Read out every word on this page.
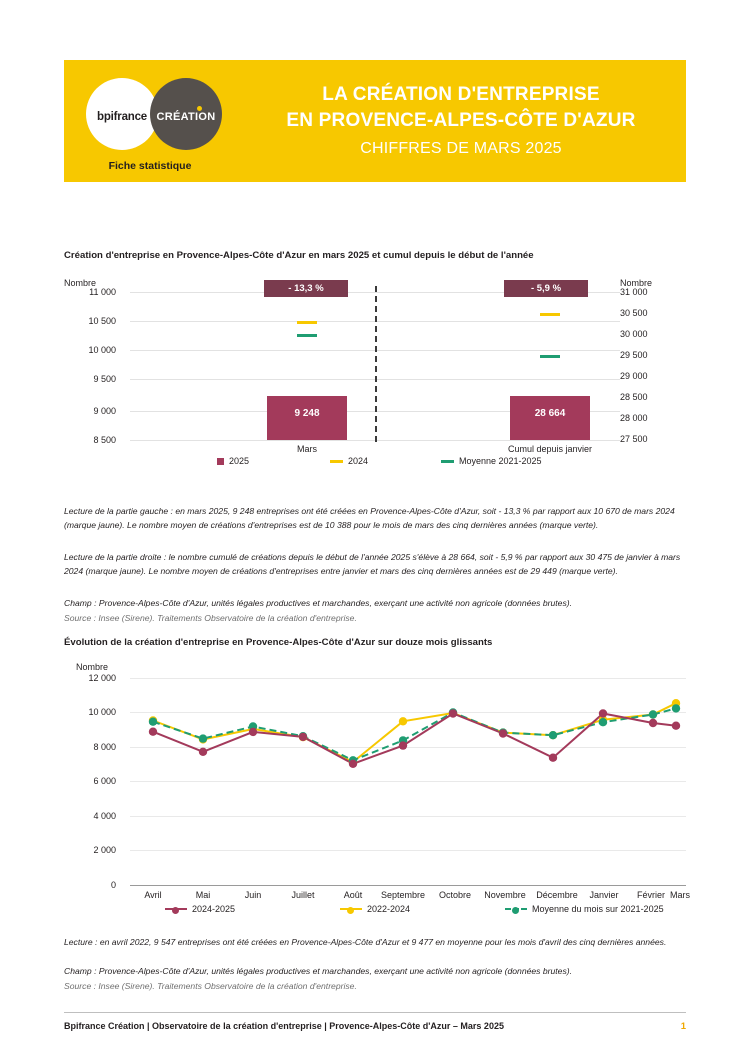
bpifrance CRÉATION
Fiche statistique
LA CRÉATION D'ENTREPRISE
EN PROVENCE-ALPES-CÔTE D'AZUR
CHIFFRES DE MARS 2025
Création d'entreprise en Provence-Alpes-Côte d'Azur en mars 2025 et cumul depuis le début de l'année
Nombre	Nombre
11 000
10 500
10 000
9 500
9 000
8 500
31 000
30 500
30 000
29 500
29 000
28 500
28 000
27 500
- 13,3 %	- 5,9 %
9 248	28 664
Mars	Cumul depuis janvier
2025	2024	Moyenne 2021-2025
Lecture de la partie gauche : en mars 2025, 9 248 entreprises ont été créées en Provence-Alpes-Côte d'Azur, soit - 13,3 % par rapport aux 10 670 de mars 2024 (marque jaune). Le nombre moyen de créations d'entreprises est de 10 388 pour le mois de mars des cinq dernières années (marque verte).
Lecture de la partie droite : le nombre cumulé de créations depuis le début de l'année 2025 s'élève à 28 664, soit - 5,9 % par rapport aux 30 475 de janvier à mars 2024 (marque jaune). Le nombre moyen de créations d'entreprises entre janvier et mars des cinq dernières années est de 29 449 (marque verte).
Champ : Provence-Alpes-Côte d'Azur, unités légales productives et marchandes, exerçant une activité non agricole (données brutes).
Source : Insee (Sirene). Traitements Observatoire de la création d'entreprise.
Évolution de la création d'entreprise en Provence-Alpes-Côte d'Azur sur douze mois glissants
Nombre
12 000
10 000
8 000
6 000
4 000
2 000
0
Avril	Mai	Juin	Juillet	Août	Septembre	Octobre	Novembre	Décembre	Janvier	Février Mars
2024-2025	2022-2024	Moyenne du mois sur 2021-2025
Lecture : en avril 2022, 9 547 entreprises ont été créées en Provence-Alpes-Côte d'Azur et 9 477 en moyenne pour les mois d'avril des cinq dernières années.
Champ : Provence-Alpes-Côte d'Azur, unités légales productives et marchandes, exerçant une activité non agricole (données brutes).
Source : Insee (Sirene). Traitements Observatoire de la création d'entreprise.
Bpifrance Création | Observatoire de la création d'entreprise | Provence-Alpes-Côte d'Azur – Mars 2025	1
